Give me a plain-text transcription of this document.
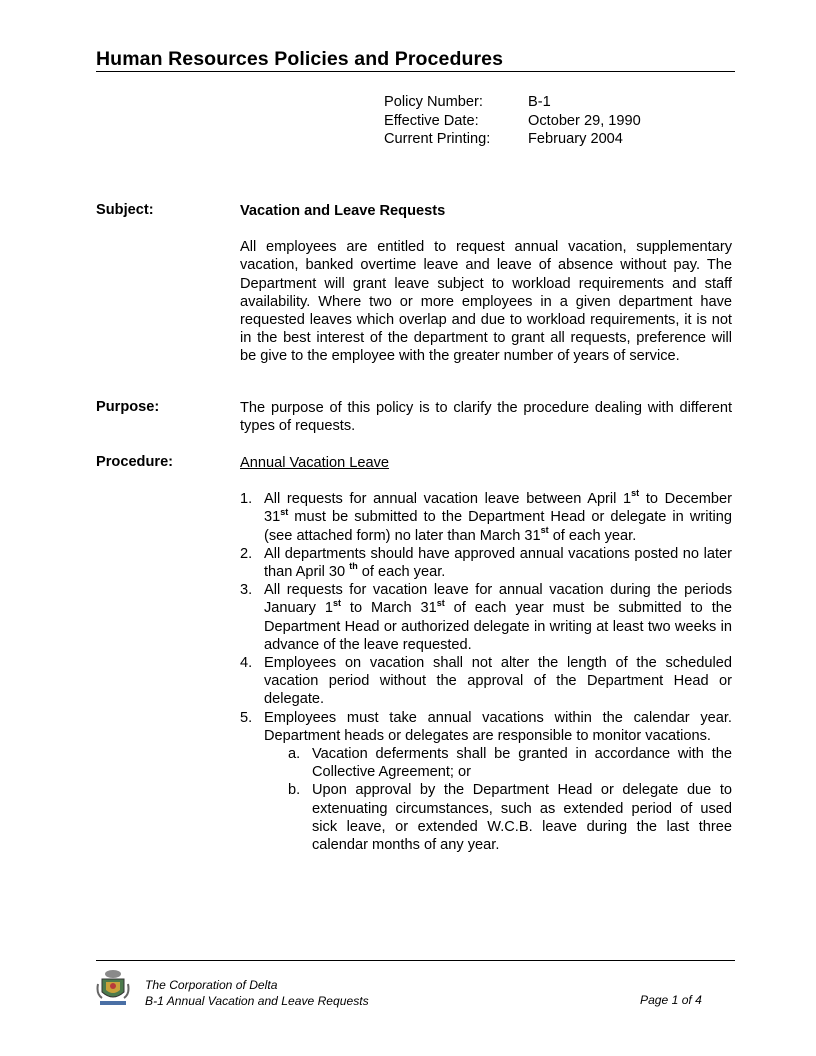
Human Resources Policies and Procedures
Policy Number:	B-1
Effective Date:	October 29, 1990
Current Printing:	February 2004
Subject:	Vacation and Leave Requests
All employees are entitled to request annual vacation, supplementary vacation, banked overtime leave and leave of absence without pay. The Department will grant leave subject to workload requirements and staff availability. Where two or more employees in a given department have requested leaves which overlap and due to workload requirements, it is not in the best interest of the department to grant all requests, preference will be give to the employee with the greater number of years of service.
Purpose:	The purpose of this policy is to clarify the procedure dealing with different types of requests.
Procedure:	Annual Vacation Leave
1. All requests for annual vacation leave between April 1st to December 31st must be submitted to the Department Head or delegate in writing (see attached form) no later than March 31st of each year.
2. All departments should have approved annual vacations posted no later than April 30 $^{th}$ of each year.
3. All requests for vacation leave for annual vacation during the periods January 1st to March 31st of each year must be submitted to the Department Head or authorized delegate in writing at least two weeks in advance of the leave requested.
4. Employees on vacation shall not alter the length of the scheduled vacation period without the approval of the Department Head or delegate.
5. Employees must take annual vacations within the calendar year. Department heads or delegates are responsible to monitor vacations.
a. Vacation deferments shall be granted in accordance with the Collective Agreement; or
b. Upon approval by the Department Head or delegate due to extenuating circumstances, such as extended period of used sick leave, or extended W.C.B. leave during the last three calendar months of any year.
The Corporation of Delta
B-1 Annual Vacation and Leave Requests	Page 1 of 4
